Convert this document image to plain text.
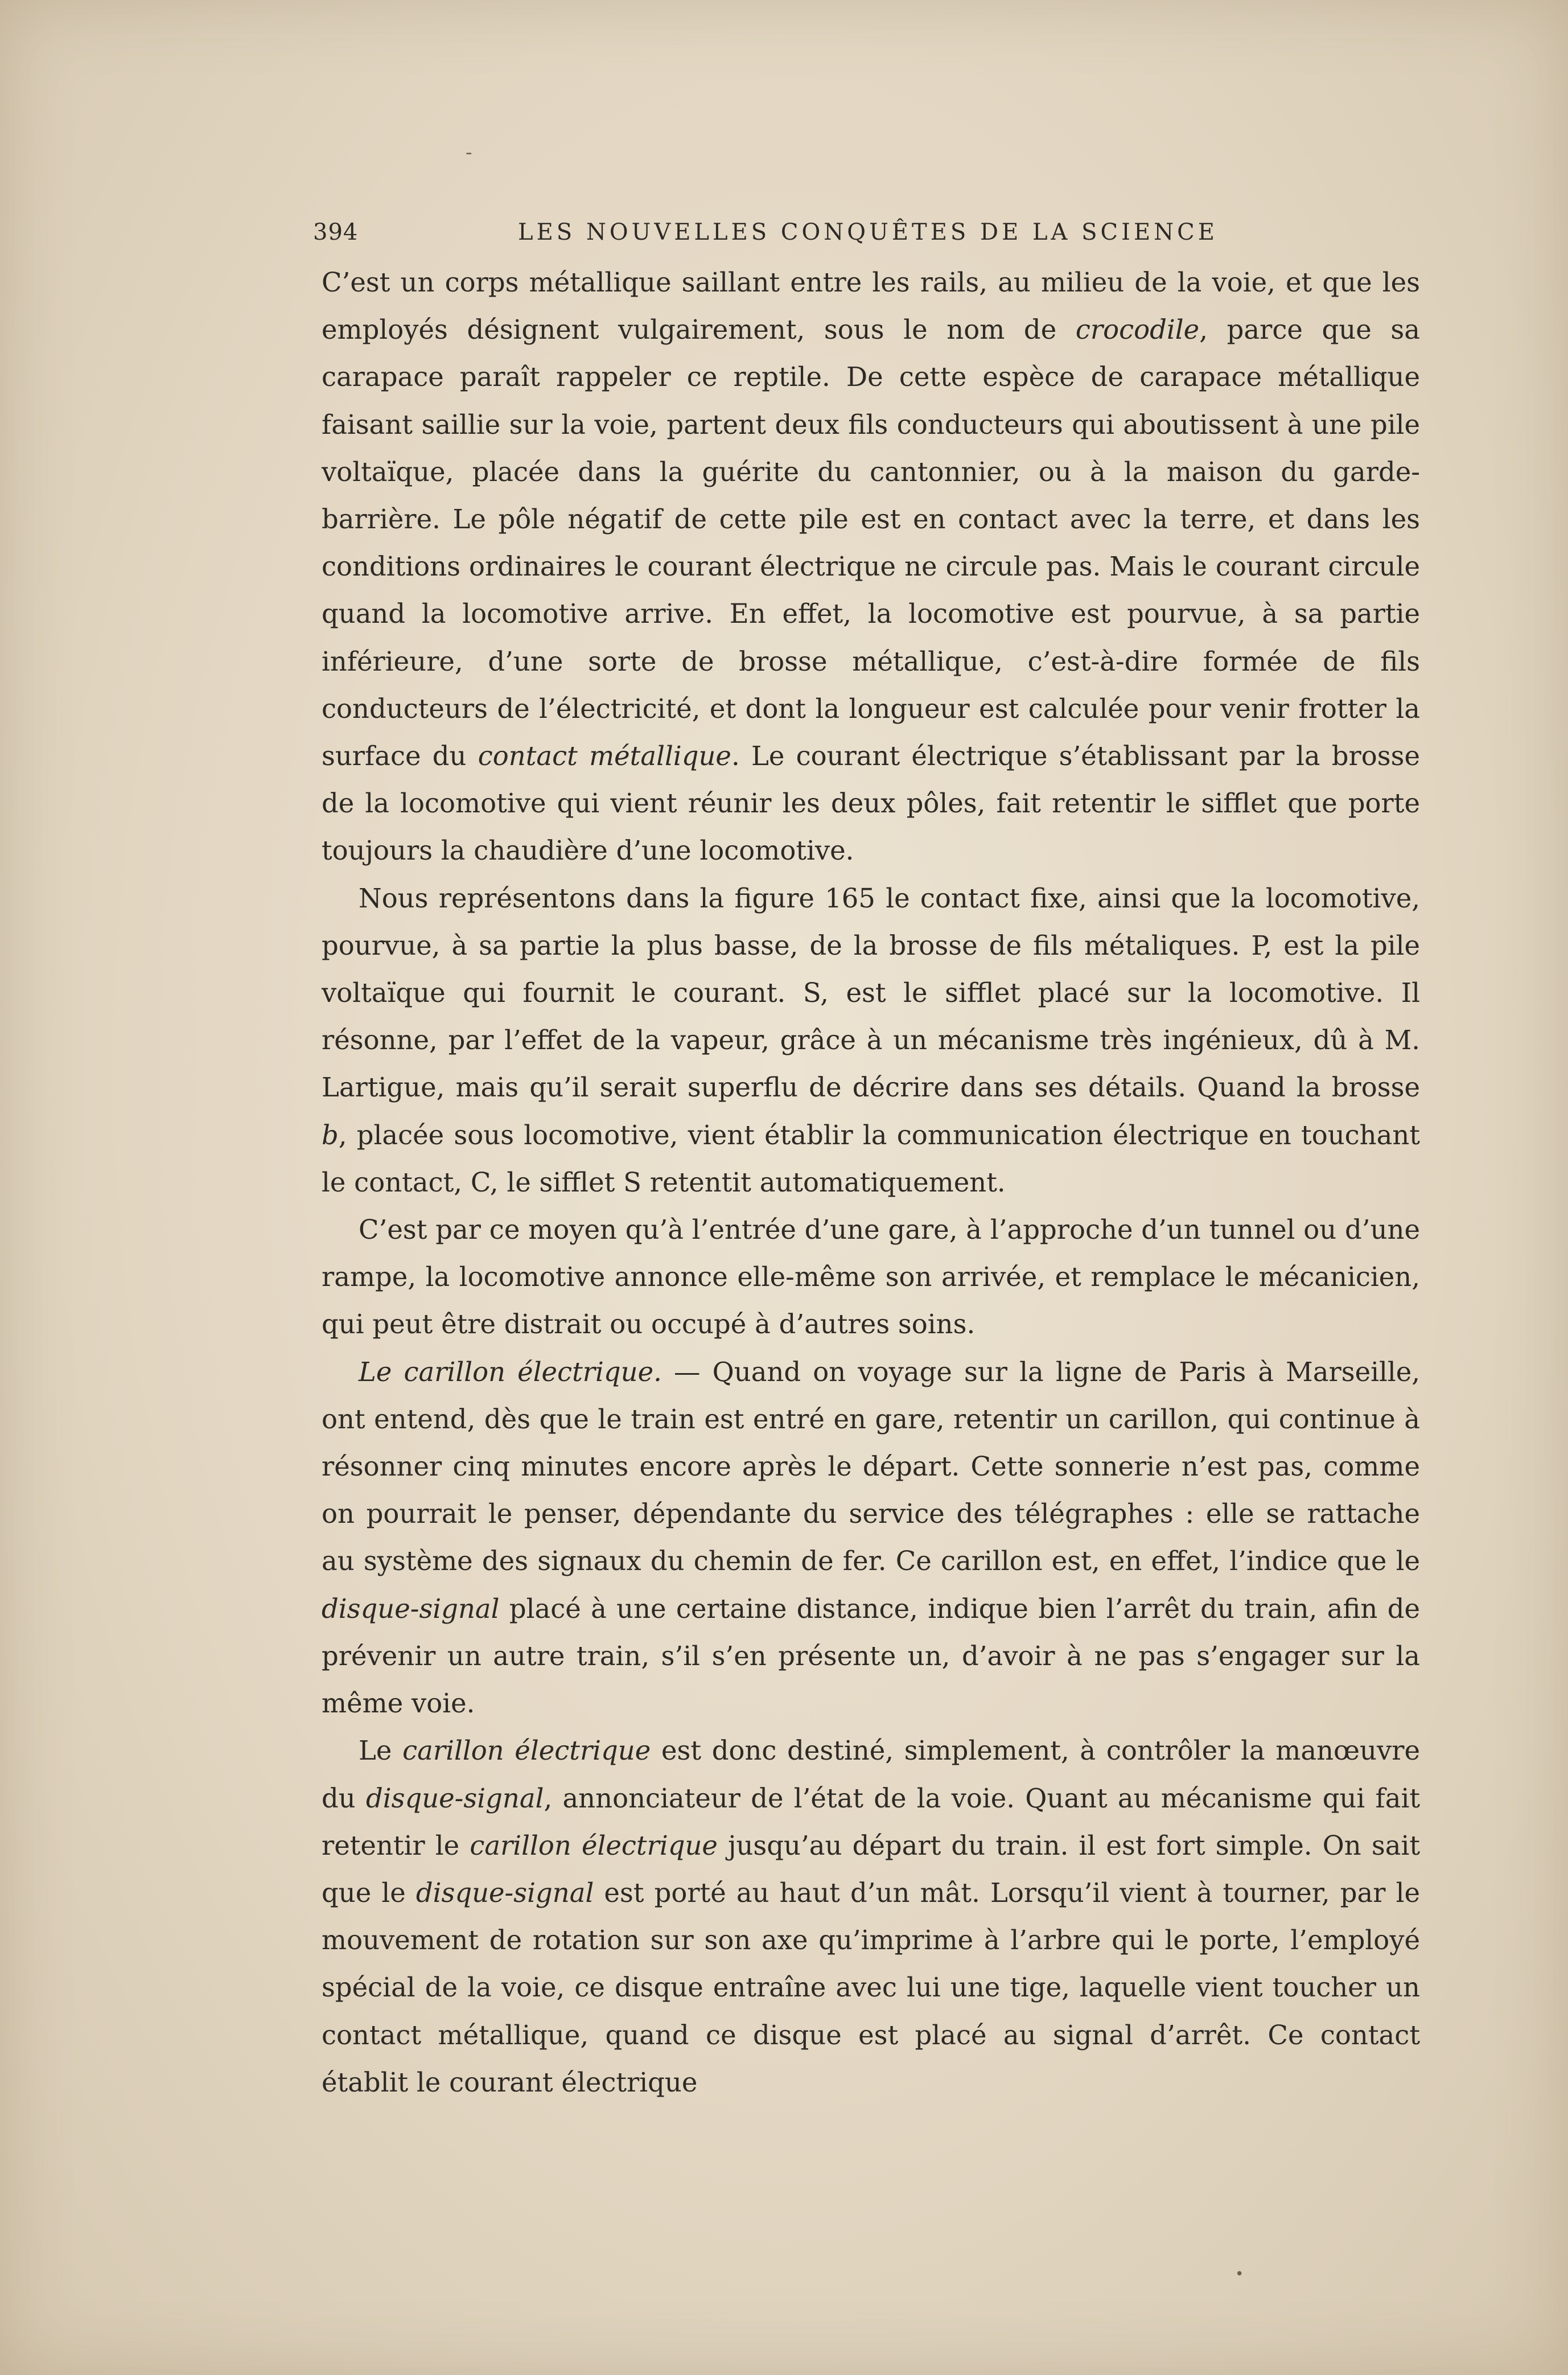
-
394	LES NOUVELLES CONQUÊTES DE LA SCIENCE

C’est un corps métallique saillant entre les rails, au milieu de la voie, et que les employés désignent vulgairement, sous le nom de crocodile, parce que sa carapace paraît rappeler ce reptile. De cette espèce de carapace métallique faisant saillie sur la voie, partent deux fils conducteurs qui aboutissent à une pile voltaïque, placée dans la guérite du cantonnier, ou à la maison du garde-barrière. Le pôle négatif de cette pile est en contact avec la terre, et dans les conditions ordinaires le courant électrique ne circule pas. Mais le courant circule quand la locomotive arrive. En effet, la locomotive est pourvue, à sa partie inférieure, d’une sorte de brosse métallique, c’est-à-dire formée de fils conducteurs de l’électricité, et dont la longueur est calculée pour venir frotter la surface du contact métallique. Le courant électrique s’établissant par la brosse de la locomotive qui vient réunir les deux pôles, fait retentir le sifflet que porte toujours la chaudière d’une locomotive.

Nous représentons dans la figure 165 le contact fixe, ainsi que la locomotive, pourvue, à sa partie la plus basse, de la brosse de fils métaliques. P, est la pile voltaïque qui fournit le courant. S, est le sifflet placé sur la locomotive. Il résonne, par l’effet de la vapeur, grâce à un mécanisme très ingénieux, dû à M. Lartigue, mais qu’il serait superflu de décrire dans ses détails. Quand la brosse b, placée sous locomotive, vient établir la communication électrique en touchant le contact, C, le sifflet S retentit automatiquement.

C’est par ce moyen qu’à l’entrée d’une gare, à l’approche d’un tunnel ou d’une rampe, la locomotive annonce elle-même son arrivée, et remplace le mécanicien, qui peut être distrait ou occupé à d’autres soins.

Le carillon électrique. — Quand on voyage sur la ligne de Paris à Marseille, ont entend, dès que le train est entré en gare, retentir un carillon, qui continue à résonner cinq minutes encore après le départ. Cette sonnerie n’est pas, comme on pourrait le penser, dépendante du service des télégraphes : elle se rattache au système des signaux du chemin de fer. Ce carillon est, en effet, l’indice que le disque-signal placé à une certaine distance, indique bien l’arrêt du train, afin de prévenir un autre train, s’il s’en présente un, d’avoir à ne pas s’engager sur la même voie.

Le carillon électrique est donc destiné, simplement, à contrôler la manœuvre du disque-signal, annonciateur de l’état de la voie. Quant au mécanisme qui fait retentir le carillon électrique jusqu’au départ du train. il est fort simple. On sait que le disque-signal est porté au haut d’un mât. Lorsqu’il vient à tourner, par le mouvement de rotation sur son axe qu’imprime à l’arbre qui le porte, l’employé spécial de la voie, ce disque entraîne avec lui une tige, laquelle vient toucher un contact métallique, quand ce disque est placé au signal d’arrêt. Ce contact établit le courant électrique

•
